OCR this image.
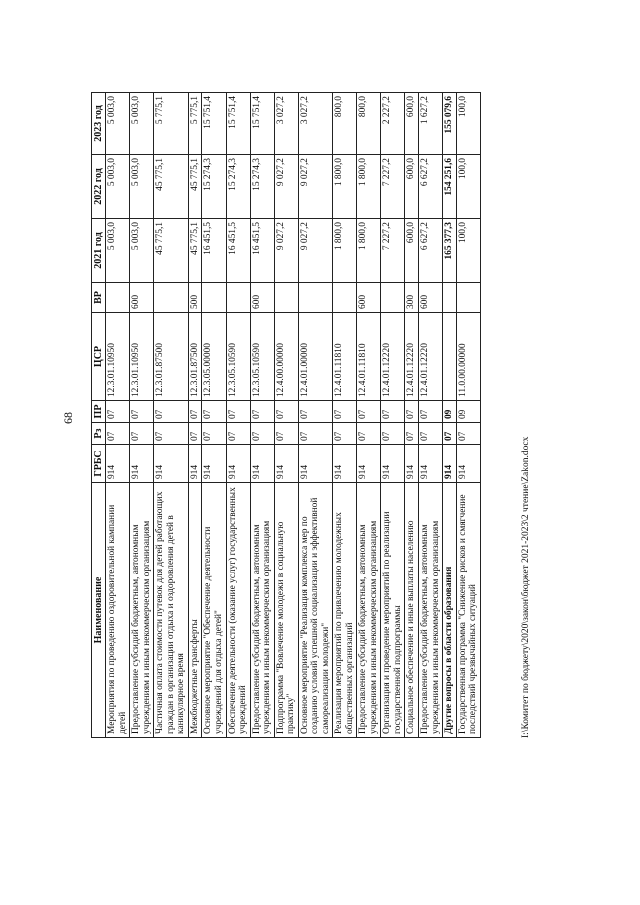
68
Наименование	ГРБС	Рз	ПР	ЦСР	ВР	2021 год	2022 год	2023 год
Мероприятия по проведению оздоровительной кампании детей	914	07	07	12.3.01.10950		5 003,0	5 003,0	5 003,0
Предоставление субсидий бюджетным, автономным учреждениям и иным некоммерческим организациям	914	07	07	12.3.01.10950	600	5 003,0	5 003,0	5 003,0
Частичная оплата стоимости путевок для детей работающих граждан в организации отдыха и оздоровления детей в каникулярное время	914	07	07	12.3.01.87500		45 775,1	45 775,1	5 775,1
Межбюджетные трансферты	914	07	07	12.3.01.87500	500	45 775,1	45 775,1	5 775,1
Основное мероприятие "Обеспечение деятельности учреждений для отдыха детей"	914	07	07	12.3.05.00000		16 451,5	15 274,3	15 751,4
Обеспечение деятельности (оказание услуг) государственных учреждений	914	07	07	12.3.05.10590		16 451,5	15 274,3	15 751,4
Предоставление субсидий бюджетным, автономным учреждениям и иным некоммерческим организациям	914	07	07	12.3.05.10590	600	16 451,5	15 274,3	15 751,4
Подпрограмма "Вовлечение молодежи в социальную практику"	914	07	07	12.4.00.00000		9 027,2	9 027,2	3 027,2
Основное мероприятие "Реализация комплекса мер по созданию условий успешной социализации и эффективной самореализации молодежи"	914	07	07	12.4.01.00000		9 027,2	9 027,2	3 027,2
Реализация мероприятий по привлечению молодежных общественных организаций	914	07	07	12.4.01.11810		1 800,0	1 800,0	800,0
Предоставление субсидий бюджетным, автономным учреждениям и иным некоммерческим организациям	914	07	07	12.4.01.11810	600	1 800,0	1 800,0	800,0
Организация и проведение мероприятий по реализации государственной подпрограммы	914	07	07	12.4.01.12220		7 227,2	7 227,2	2 227,2
Социальное обеспечение и иные выплаты населению	914	07	07	12.4.01.12220	300	600,0	600,0	600,0
Предоставление субсидий бюджетным, автономным учреждениям и иным некоммерческим организациям	914	07	07	12.4.01.12220	600	6 627,2	6 627,2	1 627,2
Другие вопросы в области образования	914	07	09			165 377,3	154 251,6	155 079,6
Государственная программа "Снижение рисков и смягчение последствий чрезвычайных ситуаций	914	07	09	11.0.00.00000		100,0	100,0	100,0
I:\Комитет по бюджету\2020\закон\бюджет 2021-2023\2 чтение\Zakon.docx
